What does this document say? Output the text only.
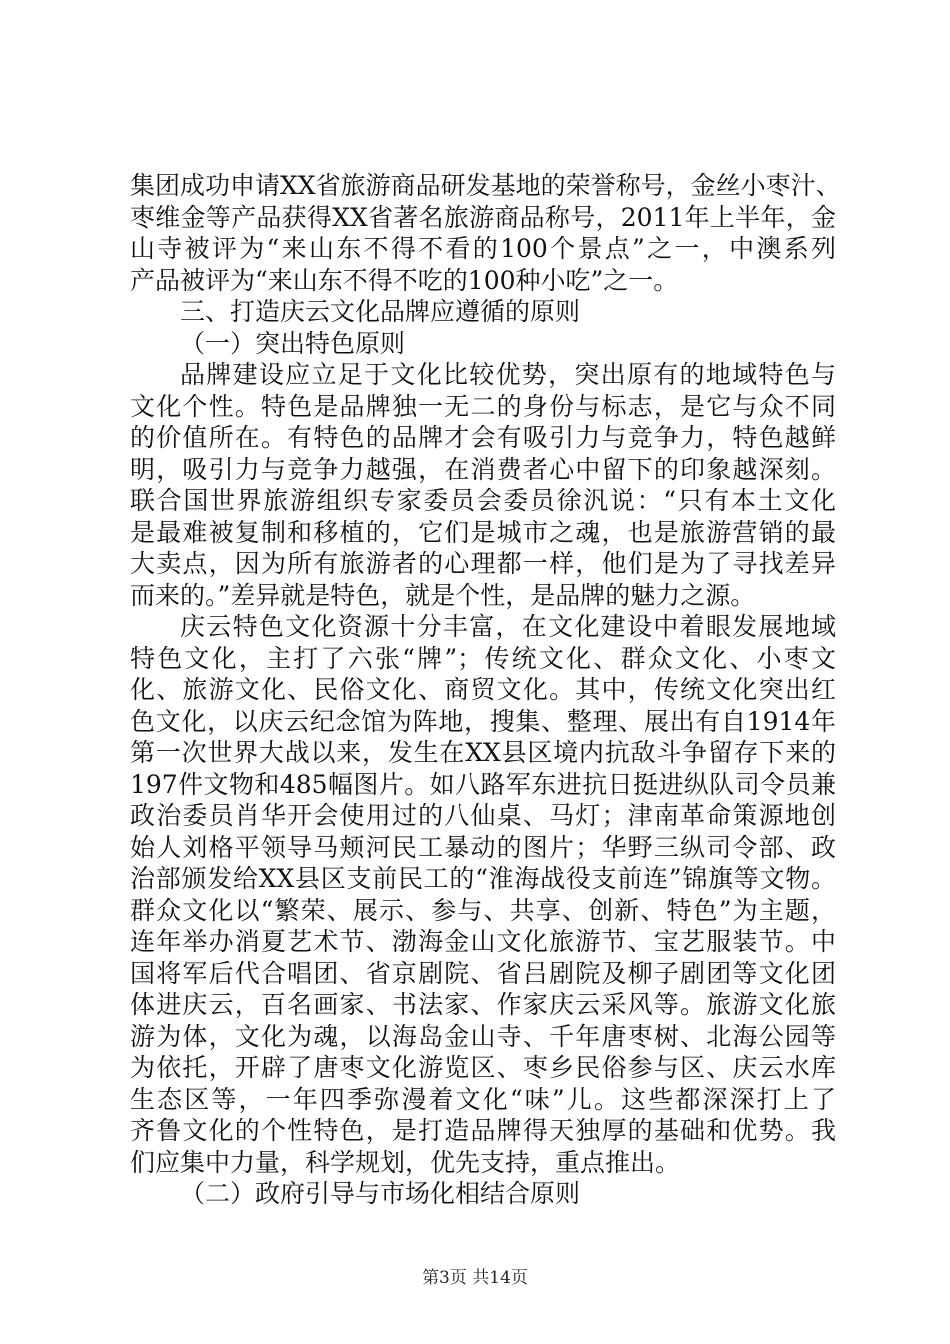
集团成功申请XX省旅游商品研发基地的荣誉称号，金丝小枣汁、
枣维金等产品获得XX省著名旅游商品称号，2011年上半年，金
山寺被评为“来山东不得不看的100个景点”之一，中澳系列
产品被评为“来山东不得不吃的100种小吃”之一。
三、打造庆云文化品牌应遵循的原则
（一）突出特色原则
品牌建设应立足于文化比较优势，突出原有的地域特色与
文化个性。特色是品牌独一无二的身份与标志，是它与众不同
的价值所在。有特色的品牌才会有吸引力与竞争力，特色越鲜
明，吸引力与竞争力越强，在消费者心中留下的印象越深刻。
联合国世界旅游组织专家委员会委员徐汎说：“只有本土文化
是最难被复制和移植的，它们是城市之魂，也是旅游营销的最
大卖点，因为所有旅游者的心理都一样，他们是为了寻找差异
而来的。”差异就是特色，就是个性，是品牌的魅力之源。
庆云特色文化资源十分丰富，在文化建设中着眼发展地域
特色文化，主打了六张“牌”；传统文化、群众文化、小枣文
化、旅游文化、民俗文化、商贸文化。其中，传统文化突出红
色文化，以庆云纪念馆为阵地，搜集、整理、展出有自1914年
第一次世界大战以来，发生在XX县区境内抗敌斗争留存下来的
197件文物和485幅图片。如八路军东进抗日挺进纵队司令员兼
政治委员肖华开会使用过的八仙桌、马灯；津南革命策源地创
始人刘格平领导马颊河民工暴动的图片；华野三纵司令部、政
治部颁发给XX县区支前民工的“淮海战役支前连”锦旗等文物。
群众文化以“繁荣、展示、参与、共享、创新、特色”为主题，
连年举办消夏艺术节、渤海金山文化旅游节、宝艺服装节。中
国将军后代合唱团、省京剧院、省吕剧院及柳子剧团等文化团
体进庆云，百名画家、书法家、作家庆云采风等。旅游文化旅
游为体，文化为魂，以海岛金山寺、千年唐枣树、北海公园等
为依托，开辟了唐枣文化游览区、枣乡民俗参与区、庆云水库
生态区等，一年四季弥漫着文化“味”儿。这些都深深打上了
齐鲁文化的个性特色，是打造品牌得天独厚的基础和优势。我
们应集中力量，科学规划，优先支持，重点推出。
（二）政府引导与市场化相结合原则
第3页 共14页
